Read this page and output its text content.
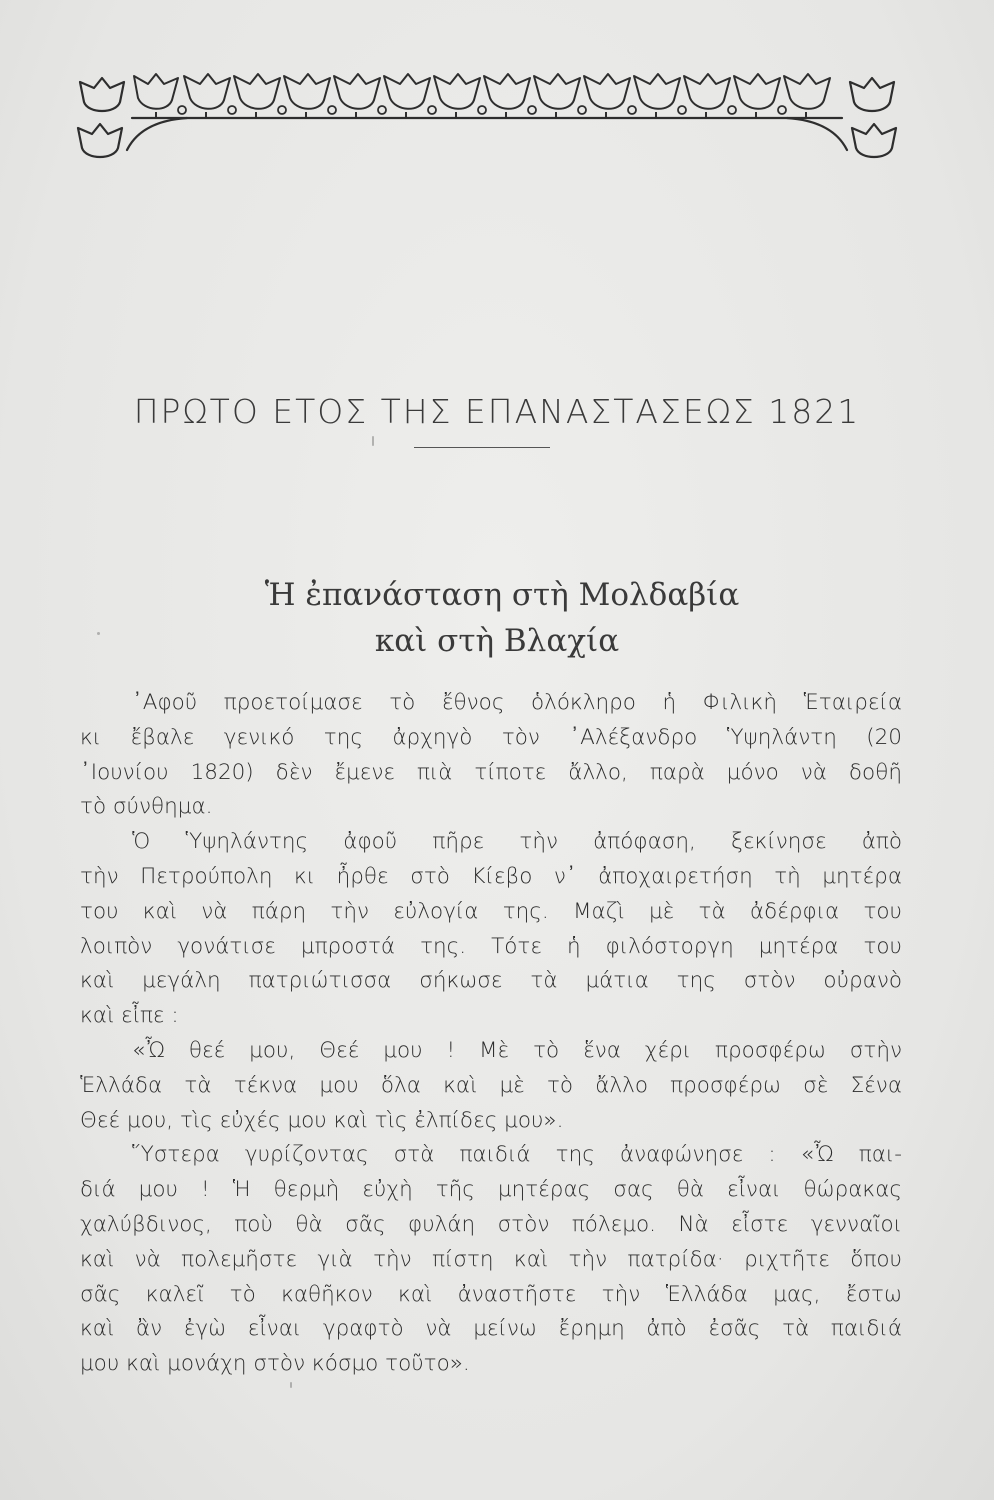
ΠΡΩΤΟ ΕΤΟΣ ΤΗΣ ΕΠΑΝΑΣΤΑΣΕΩΣ 1821
Ἡ ἐπανάσταση στὴ Μολδαβία
καὶ στὴ Βλαχία
᾿Αφοῦ προετοίμασε τὸ ἔθνος ὁλόκληρο ἡ Φιλικὴ Ἑταιρεία
κι ἔβαλε γενικό της ἀρχηγὸ τὸν ᾿Αλέξανδρο Ὑψηλάντη (20
᾿Ιουνίου 1820) δὲν ἔμενε πιὰ τίποτε ἄλλο, παρὰ μόνο νὰ δοθῆ
τὸ σύνθημα.
Ὁ Ὑψηλάντης ἀφοῦ πῆρε τὴν ἀπόφαση, ξεκίνησε ἀπὸ
τὴν Πετρούπολη κι ἦρθε στὸ Κίεβο ν᾿ ἀποχαιρετήση τὴ μητέρα
του καὶ νὰ πάρη τὴν εὐλογία της. Μαζὶ μὲ τὰ ἀδέρφια του
λοιπὸν γονάτισε μπροστά της. Τότε ἡ φιλόστοργη μητέρα του
καὶ μεγάλη πατριώτισσα σήκωσε τὰ μάτια της στὸν οὐρανὸ
καὶ εἶπε :
«Ὦ θεέ μου, Θεέ μου ! Μὲ τὸ ἕνα χέρι προσφέρω στὴν
Ἑλλάδα τὰ τέκνα μου ὅλα καὶ μὲ τὸ ἄλλο προσφέρω σὲ Σένα
Θεέ μου, τὶς εὐχές μου καὶ τὶς ἐλπίδες μου».
Ὕστερα γυρίζοντας στὰ παιδιά της ἀναφώνησε : «Ὦ παι-
διά μου ! Ἡ θερμὴ εὐχὴ τῆς μητέρας σας θὰ εἶναι θώρακας
χαλύβδινος, ποὺ θὰ σᾶς φυλάη στὸν πόλεμο. Νὰ εἶστε γενναῖοι
καὶ νὰ πολεμῆστε γιὰ τὴν πίστη καὶ τὴν πατρίδα· ριχτῆτε ὅπου
σᾶς καλεῖ τὸ καθῆκον καὶ ἀναστῆστε τὴν Ἑλλάδα μας, ἔστω
καὶ ἂν ἐγὼ εἶναι γραφτὸ νὰ μείνω ἔρημη ἀπὸ ἐσᾶς τὰ παιδιά
μου καὶ μονάχη στὸν κόσμο τοῦτο».
